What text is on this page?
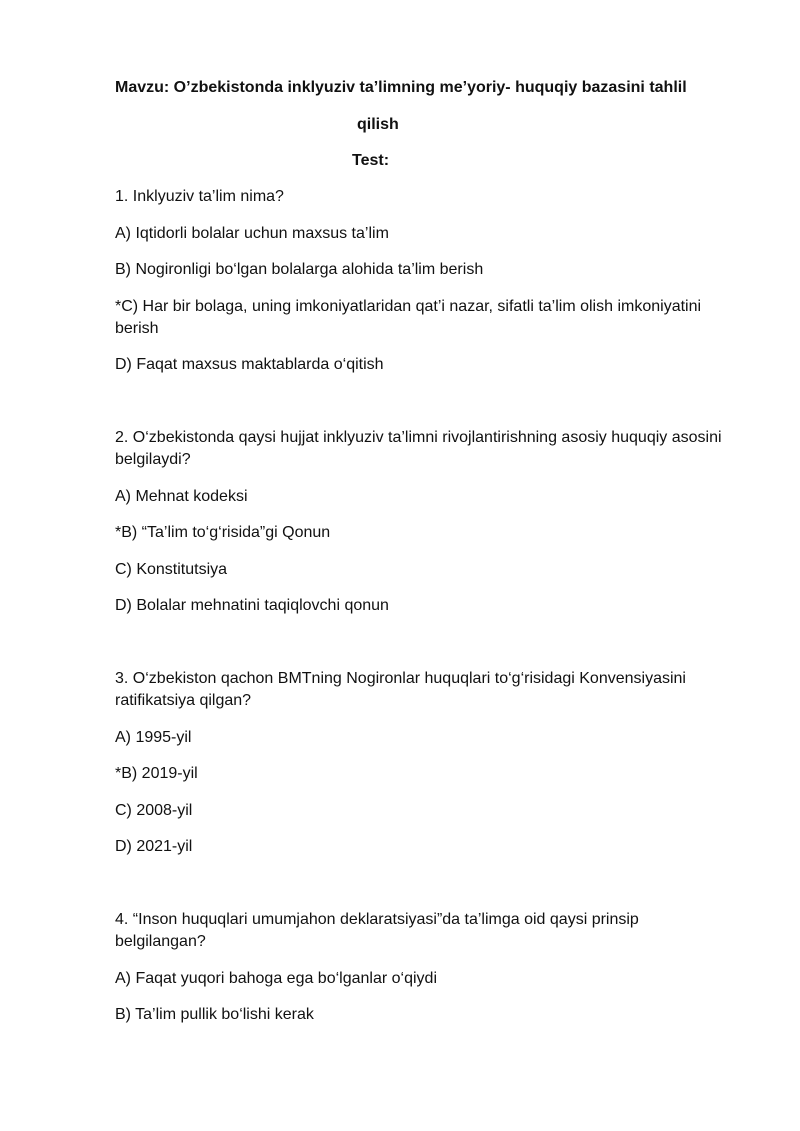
Mavzu: O’zbekistonda inklyuziv ta’limning me’yoriy- huquqiy bazasini tahlil

qilish

Test:

1. Inklyuziv ta’lim nima?

A) Iqtidorli bolalar uchun maxsus ta’lim

B) Nogironligi bo‘lgan bolalarga alohida ta’lim berish

*C) Har bir bolaga, uning imkoniyatlaridan qat’i nazar, sifatli ta’lim olish imkoniyatini berish

D) Faqat maxsus maktablarda o‘qitish

2. O‘zbekistonda qaysi hujjat inklyuziv ta’limni rivojlantirishning asosiy huquqiy asosini belgilaydi?

A) Mehnat kodeksi

*B) “Ta’lim to‘g‘risida”gi Qonun

C) Konstitutsiya

D) Bolalar mehnatini taqiqlovchi qonun

3. O‘zbekiston qachon BMTning Nogironlar huquqlari to‘g‘risidagi Konvensiyasini ratifikatsiya qilgan?

A) 1995-yil

*B) 2019-yil

C) 2008-yil

D) 2021-yil

4. “Inson huquqlari umumjahon deklaratsiyasi”da ta’limga oid qaysi prinsip belgilangan?

A) Faqat yuqori bahoga ega bo‘lganlar o‘qiydi

B) Ta’lim pullik bo‘lishi kerak
